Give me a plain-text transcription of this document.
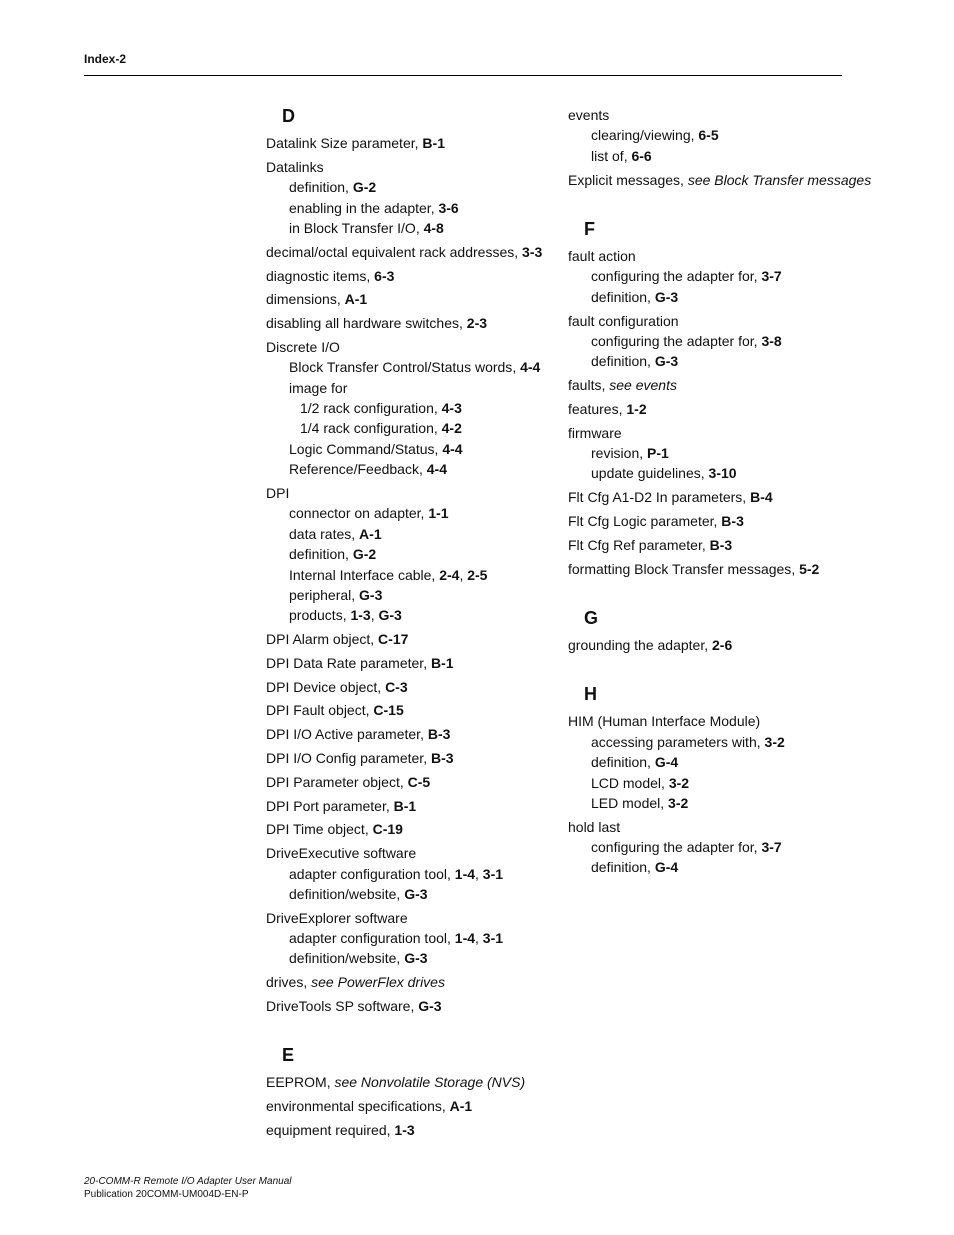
Index-2
D
Datalink Size parameter, B-1
Datalinks
definition, G-2
enabling in the adapter, 3-6
in Block Transfer I/O, 4-8
decimal/octal equivalent rack addresses, 3-3
diagnostic items, 6-3
dimensions, A-1
disabling all hardware switches, 2-3
Discrete I/O
Block Transfer Control/Status words, 4-4
image for
1/2 rack configuration, 4-3
1/4 rack configuration, 4-2
Logic Command/Status, 4-4
Reference/Feedback, 4-4
DPI
connector on adapter, 1-1
data rates, A-1
definition, G-2
Internal Interface cable, 2-4, 2-5
peripheral, G-3
products, 1-3, G-3
DPI Alarm object, C-17
DPI Data Rate parameter, B-1
DPI Device object, C-3
DPI Fault object, C-15
DPI I/O Active parameter, B-3
DPI I/O Config parameter, B-3
DPI Parameter object, C-5
DPI Port parameter, B-1
DPI Time object, C-19
DriveExecutive software
adapter configuration tool, 1-4, 3-1
definition/website, G-3
DriveExplorer software
adapter configuration tool, 1-4, 3-1
definition/website, G-3
drives, see PowerFlex drives
DriveTools SP software, G-3
E
EEPROM, see Nonvolatile Storage (NVS)
environmental specifications, A-1
equipment required, 1-3
events
clearing/viewing, 6-5
list of, 6-6
Explicit messages, see Block Transfer messages
F
fault action
configuring the adapter for, 3-7
definition, G-3
fault configuration
configuring the adapter for, 3-8
definition, G-3
faults, see events
features, 1-2
firmware
revision, P-1
update guidelines, 3-10
Flt Cfg A1-D2 In parameters, B-4
Flt Cfg Logic parameter, B-3
Flt Cfg Ref parameter, B-3
formatting Block Transfer messages, 5-2
G
grounding the adapter, 2-6
H
HIM (Human Interface Module)
accessing parameters with, 3-2
definition, G-4
LCD model, 3-2
LED model, 3-2
hold last
configuring the adapter for, 3-7
definition, G-4
20-COMM-R Remote I/O Adapter User Manual
Publication 20COMM-UM004D-EN-P
